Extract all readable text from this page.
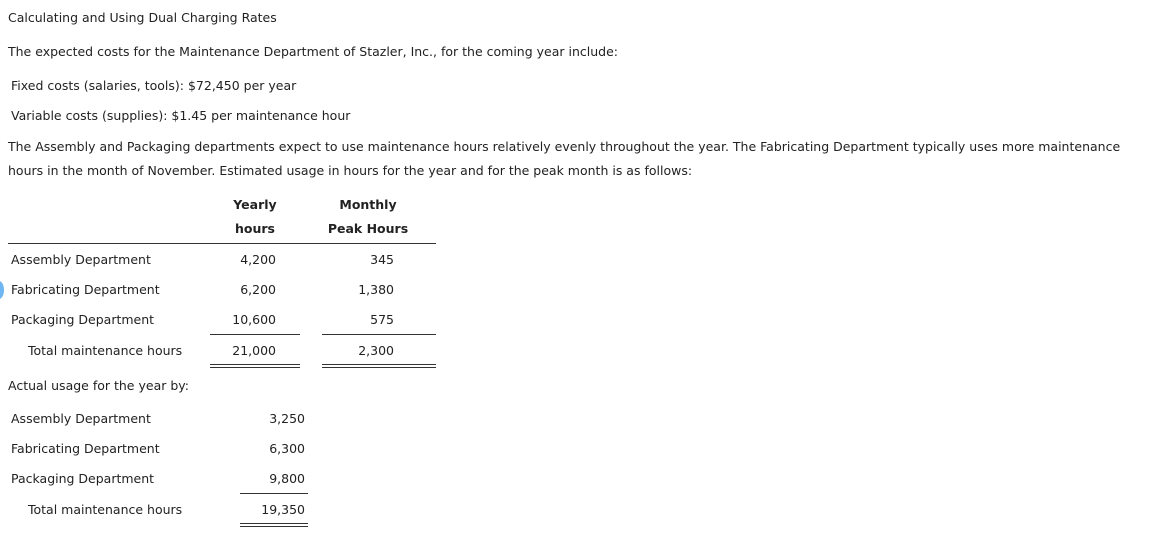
Calculating and Using Dual Charging Rates
The expected costs for the Maintenance Department of Stazler, Inc., for the coming year include:
Fixed costs (salaries, tools): $72,450 per year
Variable costs (supplies): $1.45 per maintenance hour
The Assembly and Packaging departments expect to use maintenance hours relatively evenly throughout the year. The Fabricating Department typically uses more maintenance hours in the month of November. Estimated usage in hours for the year and for the peak month is as follows:
Yearly
hours
Monthly
Peak Hours
Assembly Department	4,200	345
Fabricating Department	6,200	1,380
Packaging Department	10,600	575
Total maintenance hours	21,000	2,300
Actual usage for the year by:
Assembly Department	3,250
Fabricating Department	6,300
Packaging Department	9,800
Total maintenance hours	19,350
